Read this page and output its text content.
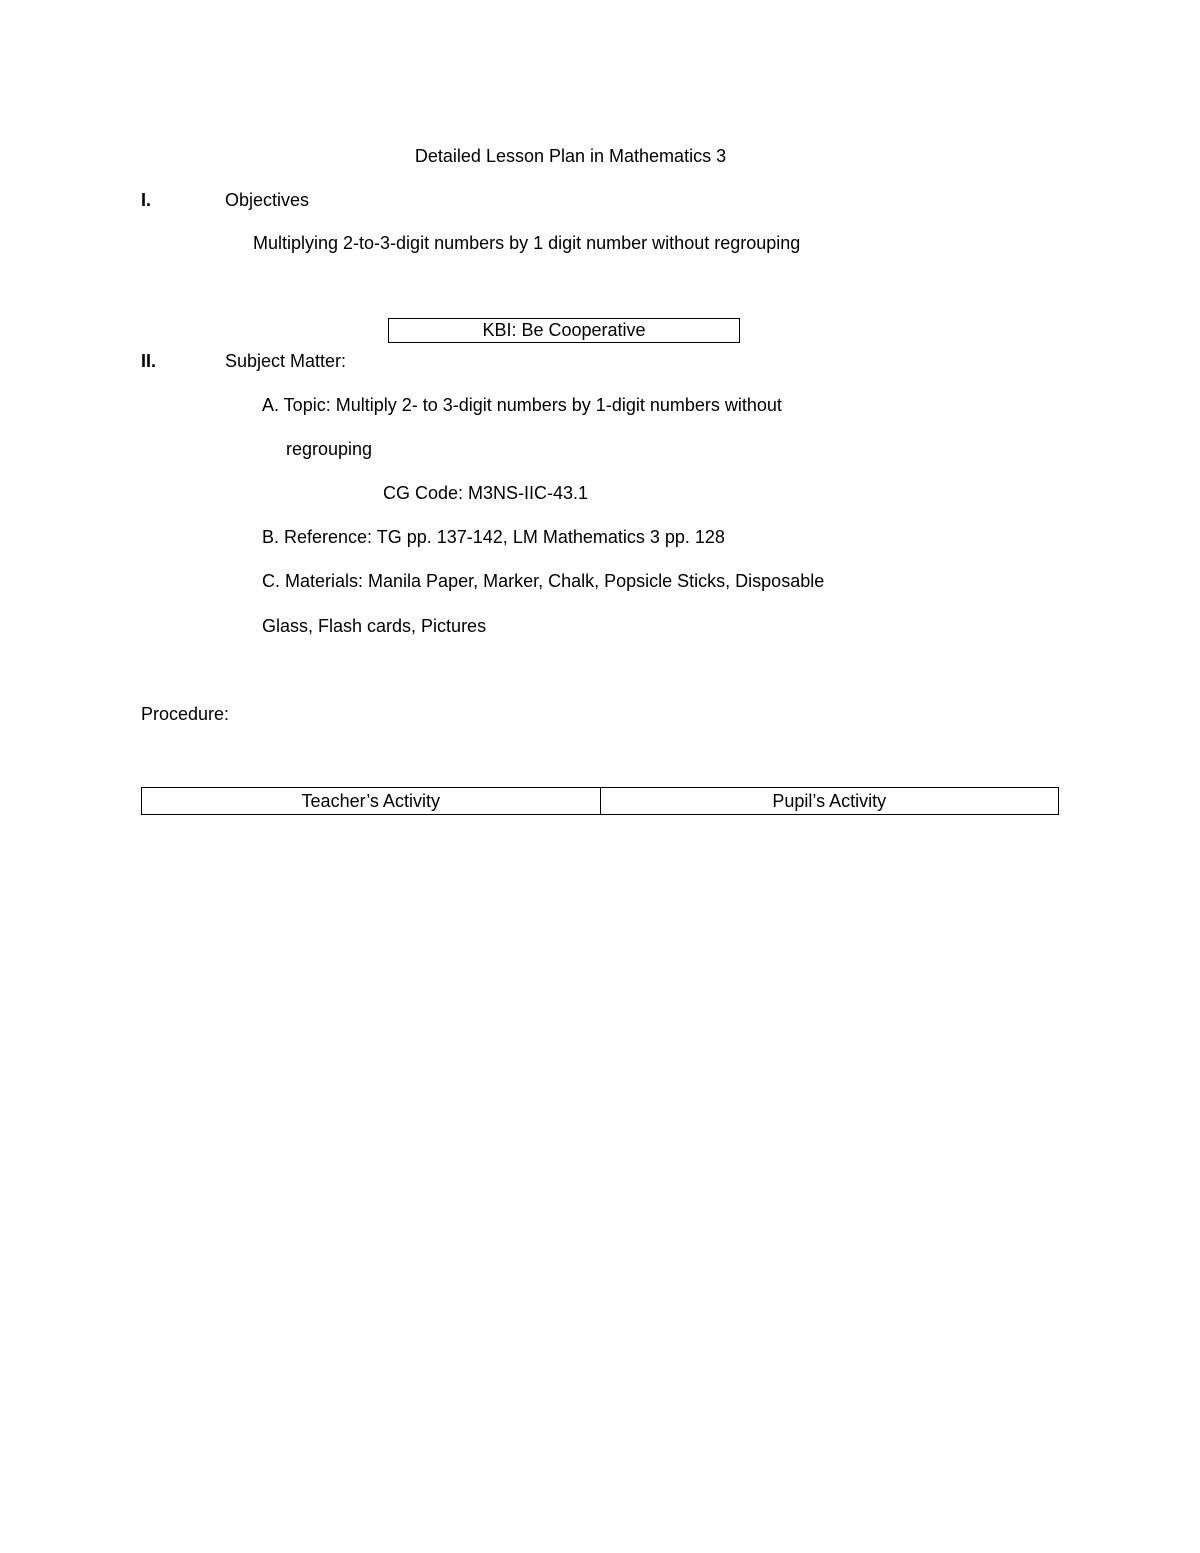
Detailed Lesson Plan in Mathematics 3
I.	Objectives
Multiplying 2-to-3-digit numbers by 1 digit number without regrouping
KBI: Be Cooperative
II.	Subject Matter:
A. Topic: Multiply 2- to 3-digit numbers by 1-digit numbers without
regrouping
CG Code: M3NS-IIC-43.1
B. Reference: TG pp. 137-142, LM Mathematics 3 pp. 128
C. Materials: Manila Paper, Marker, Chalk, Popsicle Sticks, Disposable
Glass, Flash cards, Pictures
Procedure:
Teacher’s Activity	Pupil’s Activity
